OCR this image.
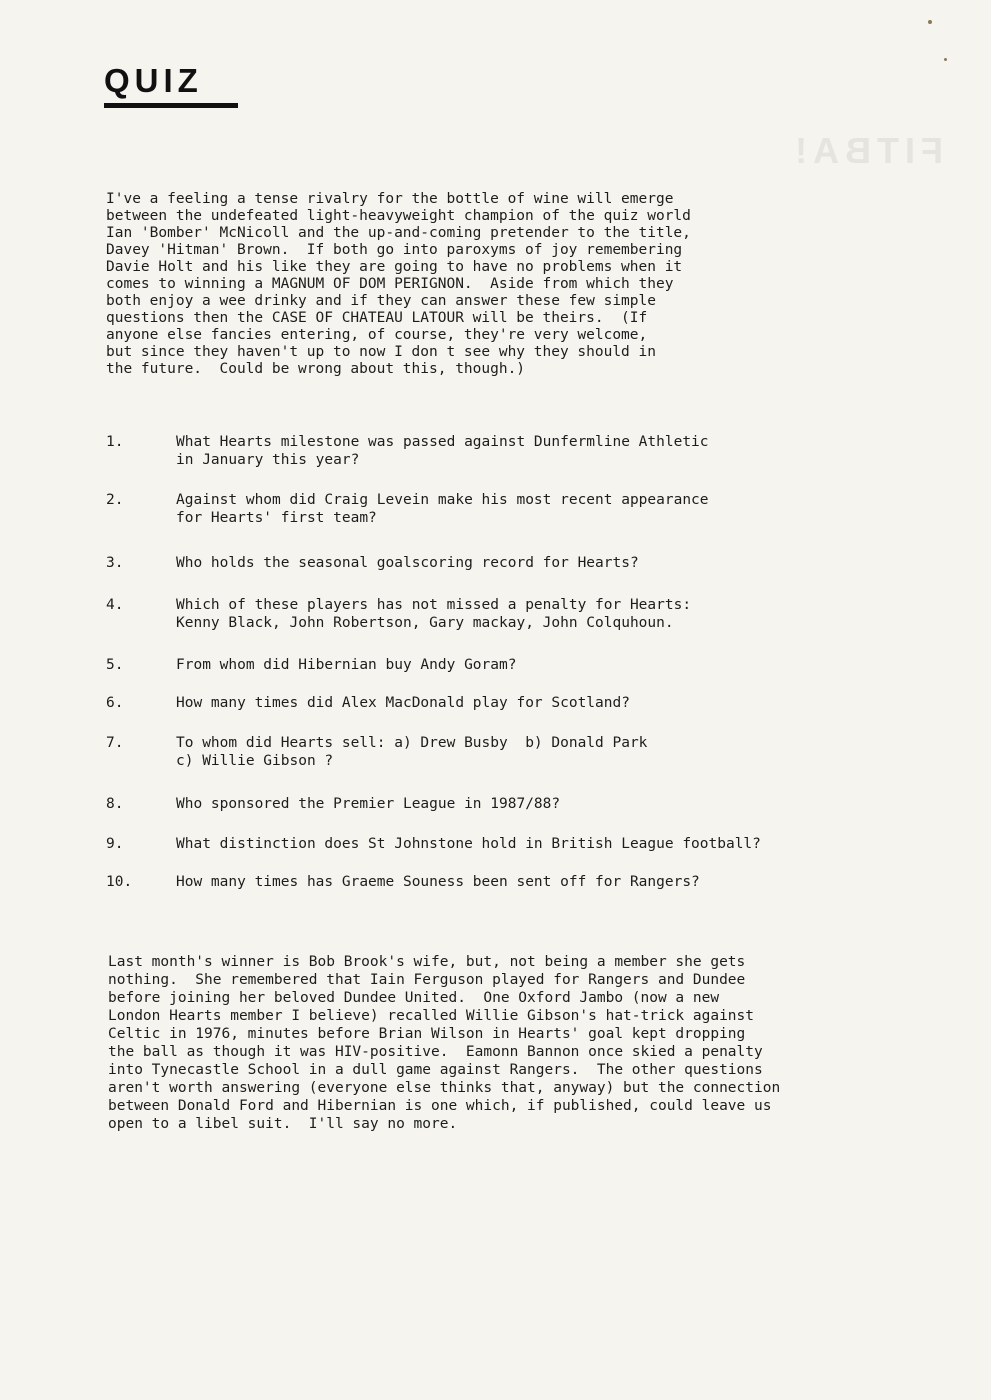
FITBA!
QUIZ

I've a feeling a tense rivalry for the bottle of wine will emerge
between the undefeated light-heavyweight champion of the quiz world
Ian 'Bomber' McNicoll and the up-and-coming pretender to the title,
Davey 'Hitman' Brown.  If both go into paroxyms of joy remembering
Davie Holt and his like they are going to have no problems when it
comes to winning a MAGNUM OF DOM PERIGNON.  Aside from which they
both enjoy a wee drinky and if they can answer these few simple
questions then the CASE OF CHATEAU LATOUR will be theirs.  (If
anyone else fancies entering, of course, they're very welcome,
but since they haven't up to now I don t see why they should in
the future.  Could be wrong about this, though.)

1.	What Hearts milestone was passed against Dunfermline Athletic
in January this year?

2.	Against whom did Craig Levein make his most recent appearance
for Hearts' first team?

3.	Who holds the seasonal goalscoring record for Hearts?

4.	Which of these players has not missed a penalty for Hearts:
Kenny Black, John Robertson, Gary mackay, John Colquhoun.

5.	From whom did Hibernian buy Andy Goram?

6.	How many times did Alex MacDonald play for Scotland?

7.	To whom did Hearts sell: a) Drew Busby  b) Donald Park
c) Willie Gibson ?

8.	Who sponsored the Premier League in 1987/88?

9.	What distinction does St Johnstone hold in British League football?

10.	How many times has Graeme Souness been sent off for Rangers?

Last month's winner is Bob Brook's wife, but, not being a member she gets
nothing.  She remembered that Iain Ferguson played for Rangers and Dundee
before joining her beloved Dundee United.  One Oxford Jambo (now a new
London Hearts member I believe) recalled Willie Gibson's hat-trick against
Celtic in 1976, minutes before Brian Wilson in Hearts' goal kept dropping
the ball as though it was HIV-positive.  Eamonn Bannon once skied a penalty
into Tynecastle School in a dull game against Rangers.  The other questions
aren't worth answering (everyone else thinks that, anyway) but the connection
between Donald Ford and Hibernian is one which, if published, could leave us
open to a libel suit.  I'll say no more.
